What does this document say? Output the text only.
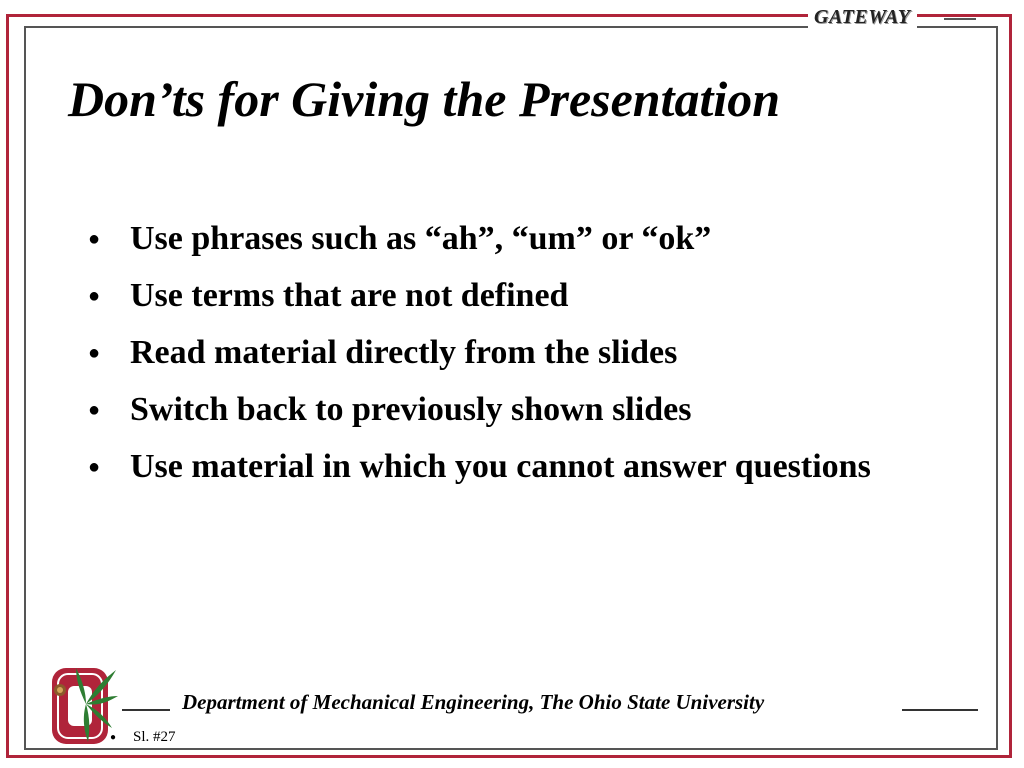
GATEWAY
Don’ts for Giving the Presentation
● Use phrases such as “ah”, “um” or “ok”
● Use terms that are not defined
● Read material directly from the slides
● Switch back to previously shown slides
● Use material in which you cannot answer questions
Department of Mechanical Engineering, The Ohio State University
● Sl. #27
